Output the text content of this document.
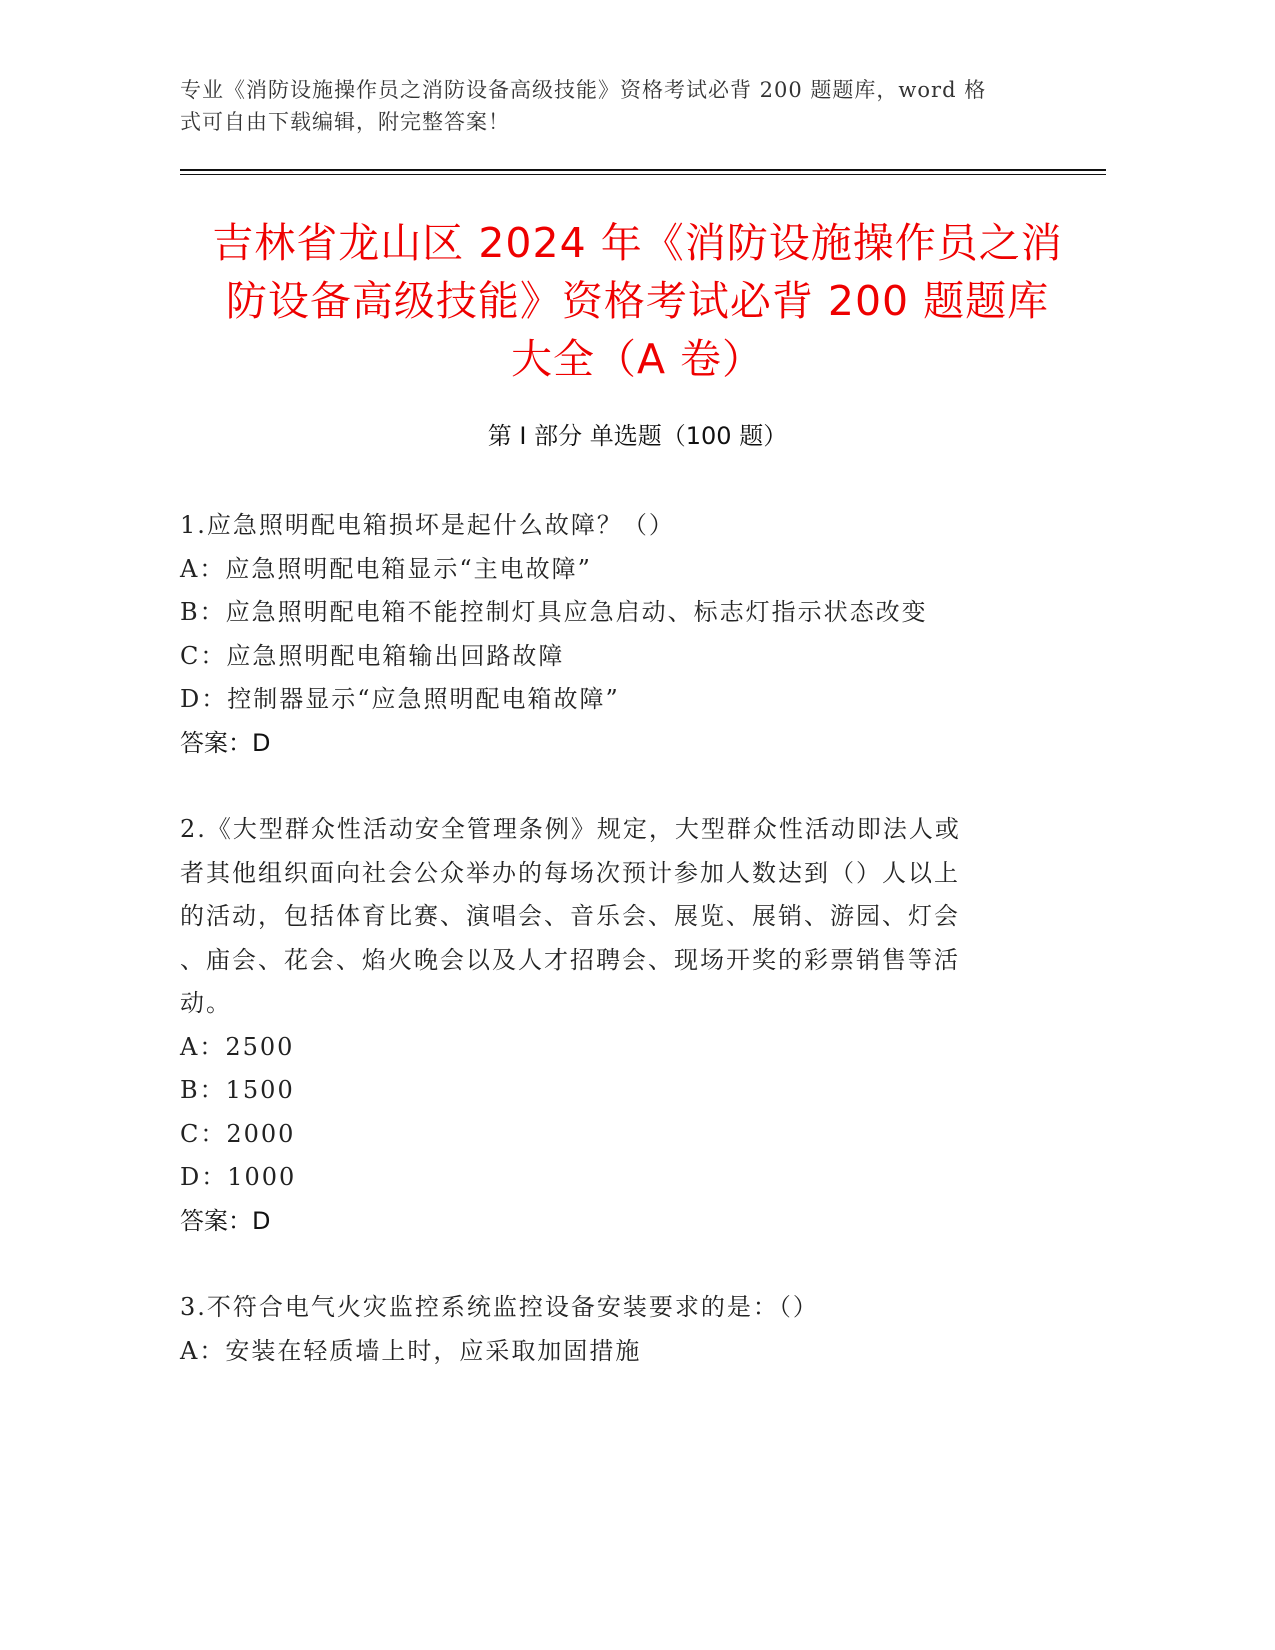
专业《消防设施操作员之消防设备高级技能》资格考试必背 200 题题库，word 格
式可自由下载编辑，附完整答案！
吉林省龙山区 2024 年《消防设施操作员之消
防设备高级技能》资格考试必背 200 题题库
大全（A 卷）
第 I 部分 单选题（100 题）
1.应急照明配电箱损坏是起什么故障？（）
A：应急照明配电箱显示“主电故障”
B：应急照明配电箱不能控制灯具应急启动、标志灯指示状态改变
C：应急照明配电箱输出回路故障
D：控制器显示“应急照明配电箱故障”
答案：D
2.《大型群众性活动安全管理条例》规定，大型群众性活动即法人或
者其他组织面向社会公众举办的每场次预计参加人数达到（）人以上
的活动，包括体育比赛、演唱会、音乐会、展览、展销、游园、灯会
、庙会、花会、焰火晚会以及人才招聘会、现场开奖的彩票销售等活
动。
A：2500
B：1500
C：2000
D：1000
答案：D
3.不符合电气火灾监控系统监控设备安装要求的是：（）
A：安装在轻质墙上时，应采取加固措施
